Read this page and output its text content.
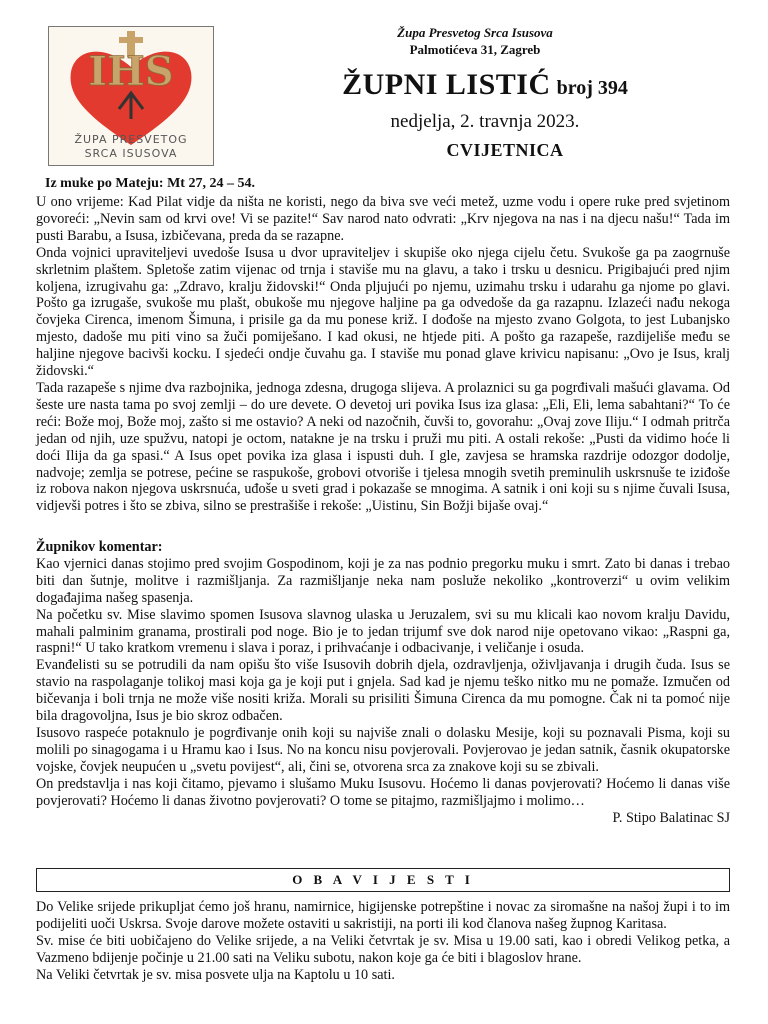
IHS
ŽUPA PRESVETOG
SRCA ISUSOVA
Župa Presvetog Srca Isusova
Palmotićeva 31, Zagreb
ŽUPNI LISTIĆ broj 394
nedjelja, 2. travnja 2023.
CVIJETNICA
Iz muke po Mateju: Mt 27, 24 – 54.

U ono vrijeme: Kad Pilat vidje da ništa ne koristi, nego da biva sve veći metež, uzme vodu i opere ruke pred svjetinom govoreći: „Nevin sam od krvi ove! Vi se pazite!“ Sav narod nato odvrati: „Krv njegova na nas i na djecu našu!“ Tada im pusti Barabu, a Isusa, izbičevana, preda da se razapne.

Onda vojnici upraviteljevi uvedoše Isusa u dvor upraviteljev i skupiše oko njega cijelu četu. Svukoše ga pa zaogrnuše skrletnim plaštem. Spletoše zatim vijenac od trnja i staviše mu na glavu, a tako i trsku u desnicu. Prigibajući pred njim koljena, izrugivahu ga: „Zdravo, kralju židovski!“ Onda pljujući po njemu, uzimahu trsku i udarahu ga njome po glavi. Pošto ga izrugaše, svukoše mu plašt, obukoše mu njegove haljine pa ga odvedoše da ga razapnu. Izlazeći nađu nekoga čovjeka Cirenca, imenom Šimuna, i prisile ga da mu ponese križ. I dođoše na mjesto zvano Golgota, to jest Lubanjsko mjesto, dadoše mu piti vino sa žuči pomiješano. I kad okusi, ne htjede piti. A pošto ga razapeše, razdijeliše među se haljine njegove bacivši kocku. I sjedeći ondje čuvahu ga. I staviše mu ponad glave krivicu napisanu: „Ovo je Isus, kralj židovski.“

Tada razapeše s njime dva razbojnika, jednoga zdesna, drugoga slijeva. A prolaznici su ga pogrđivali mašući glavama. Od šeste ure nasta tama po svoj zemlji – do ure devete. O devetoj uri povika Isus iza glasa: „Eli, Eli, lema sabahtani?“ To će reći: Bože moj, Bože moj, zašto si me ostavio? A neki od nazočnih, čuvši to, govorahu: „Ovaj zove Iliju.“ I odmah pritrča jedan od njih, uze spužvu, natopi je octom, natakne je na trsku i pruži mu piti. A ostali rekoše: „Pusti da vidimo hoće li doći Ilija da ga spasi.“ A Isus opet povika iza glasa i ispusti duh. I gle, zavjesa se hramska razdrije odozgor dodolje, nadvoje; zemlja se potrese, pećine se raspukoše, grobovi otvoriše i tjelesa mnogih svetih preminulih uskrsnuše te iziđoše iz robova nakon njegova uskrsnuća, uđoše u sveti grad i pokazaše se mnogima. A satnik i oni koji su s njime čuvali Isusa, vidjevši potres i što se zbiva, silno se prestrašiše i rekoše: „Uistinu, Sin Božji bijaše ovaj.“

Župnikov komentar:

Kao vjernici danas stojimo pred svojim Gospodinom, koji je za nas podnio pregorku muku i smrt. Zato bi danas i trebao biti dan šutnje, molitve i razmišljanja. Za razmišljanje neka nam posluže nekoliko „kontroverzi“ u ovim velikim događajima našeg spasenja.

Na početku sv. Mise slavimo spomen Isusova slavnog ulaska u Jeruzalem, svi su mu klicali kao novom kralju Davidu, mahali palminim granama, prostirali pod noge. Bio je to jedan trijumf sve dok narod nije opetovano vikao: „Raspni ga, raspni!“ U tako kratkom vremenu i slava i poraz, i prihvaćanje i odbacivanje, i veličanje i osuda.

Evanđelisti su se potrudili da nam opišu što više Isusovih dobrih djela, ozdravljenja, oživljavanja i drugih čuda. Isus se stavio na raspolaganje tolikoj masi koja ga je koji put i gnjela. Sad kad je njemu teško nitko mu ne pomaže. Izmučen od bičevanja i boli trnja ne može više nositi križa. Morali su prisiliti Šimuna Cirenca da mu pomogne. Čak ni ta pomoć nije bila dragovoljna, Isus je bio skroz odbačen.

Isusovo raspeće potaknulo je pogrđivanje onih koji su najviše znali o dolasku Mesije, koji su poznavali Pisma, koji su molili po sinagogama i u Hramu kao i Isus. No na koncu nisu povjerovali. Povjerovao je jedan satnik, časnik okupatorske vojske, čovjek neupućen u „svetu povijest“, ali, čini se, otvorena srca za znakove koji su se zbivali.

On predstavlja i nas koji čitamo, pjevamo i slušamo Muku Isusovu. Hoćemo li danas povjerovati? Hoćemo li danas više povjerovati? Hoćemo li danas životno povjerovati? O tome se pitajmo, razmišljajmo i molimo…

P. Stipo Balatinac SJ

O B A V I J E S T I

Do Velike srijede prikupljat ćemo još hranu, namirnice, higijenske potrepštine i novac za siromašne na našoj župi i to im podijeliti uoči Uskrsa. Svoje darove možete ostaviti u sakristiji, na porti ili kod članova našeg župnog Karitasa.

Sv. mise će biti uobičajeno do Velike srijede, a na Veliki četvrtak je sv. Misa u 19.00 sati, kao i obredi Velikog petka, a Vazmeno bdijenje počinje u 21.00 sati na Veliku subotu, nakon koje ga će biti i blagoslov hrane.

Na Veliki četvrtak je sv. misa posvete ulja na Kaptolu u 10 sati.
